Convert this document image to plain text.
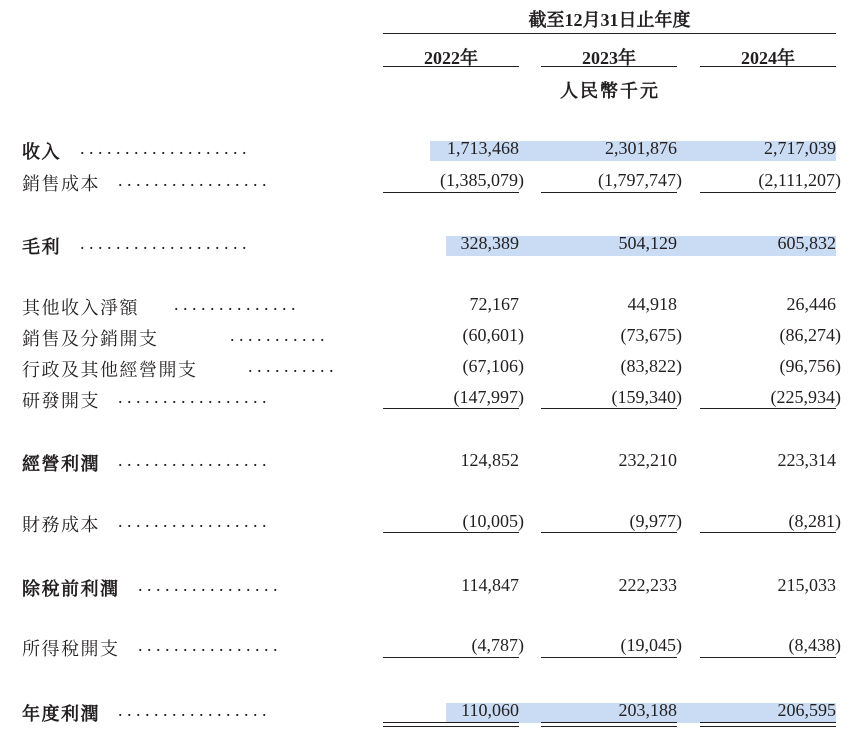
截至12月31日止年度
2022年	2023年	2024年
人民幣千元
收入 . . . . . . . . . . . . . . . . . . .	1,713,468	2,301,876	2,717,039
銷售成本 . . . . . . . . . . . . . . . . .	(1,385,079)	(1,797,747)	(2,111,207)
毛利 . . . . . . . . . . . . . . . . . . .	328,389	504,129	605,832
其他收入淨額 . . . . . . . . . . . . . .	72,167	44,918	26,446
銷售及分銷開支	. . . . . . . . . . .	(60,601)	(73,675)	(86,274)
行政及其他經營開支	. . . . . . . . . .	(67,106)	(83,822)	(96,756)
研發開支 . . . . . . . . . . . . . . . . .	(147,997)	(159,340)	(225,934)
經營利潤 . . . . . . . . . . . . . . . . .	124,852	232,210	223,314
財務成本 . . . . . . . . . . . . . . . . .	(10,005)	(9,977)	(8,281)
除稅前利潤 . . . . . . . . . . . . . . . .	114,847	222,233	215,033
所得稅開支 . . . . . . . . . . . . . . . .	(4,787)	(19,045)	(8,438)
年度利潤 . . . . . . . . . . . . . . . . .	110,060	203,188	206,595
